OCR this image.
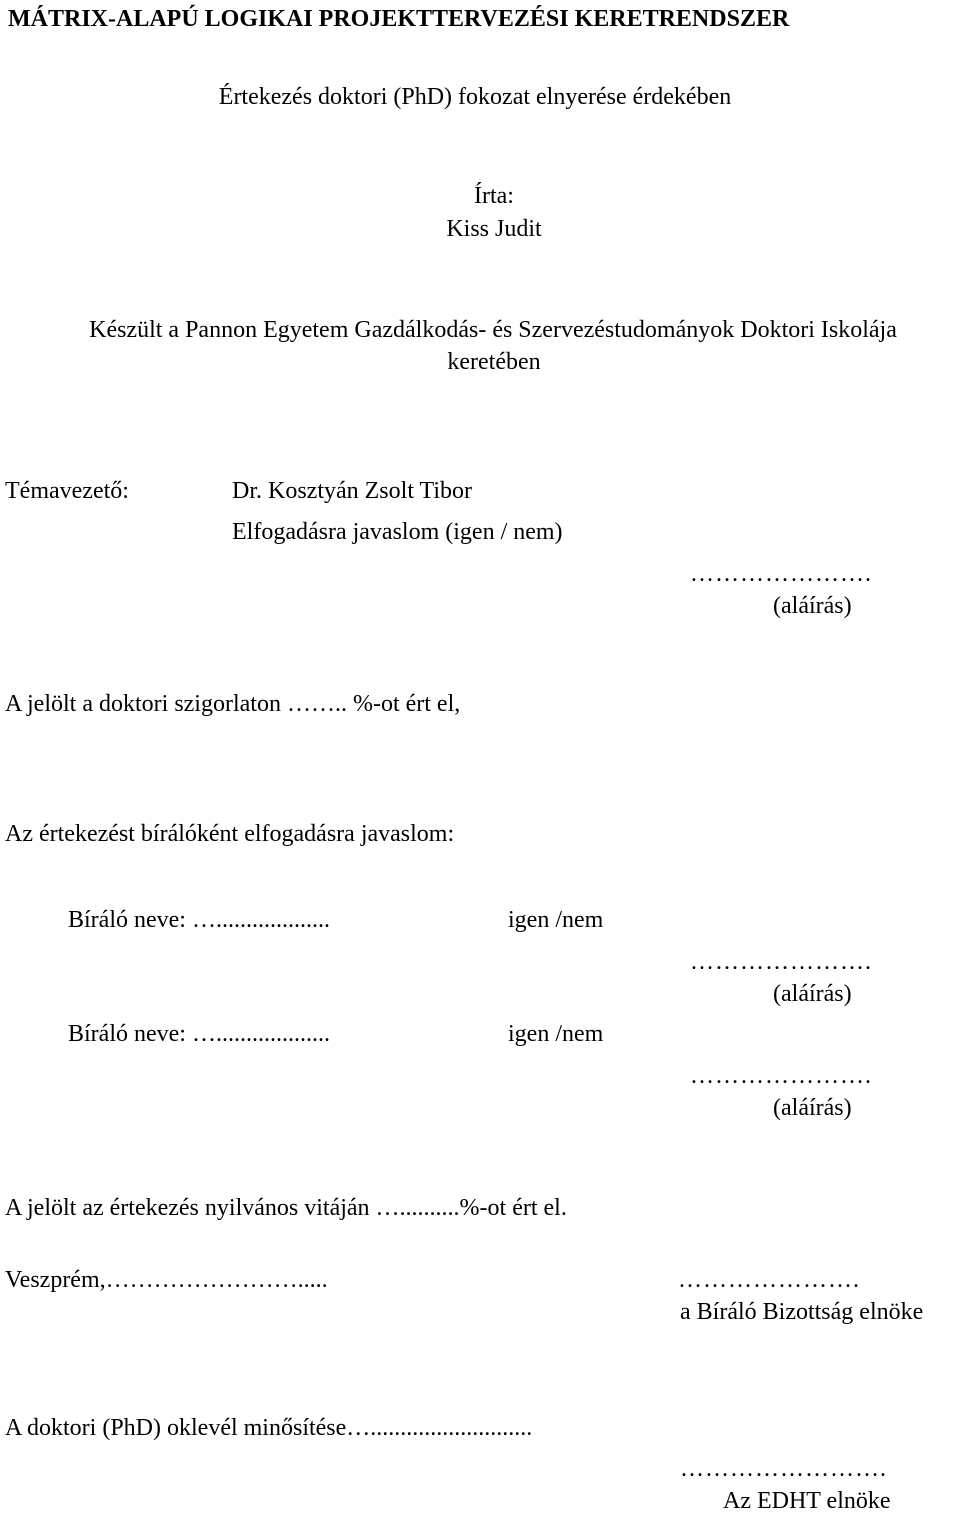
MÁTRIX-ALAPÚ LOGIKAI PROJEKTTERVEZÉSI KERETRENDSZER
Értekezés doktori (PhD) fokozat elnyerése érdekében
Írta:
Kiss Judit
Készült a Pannon Egyetem Gazdálkodás- és Szervezéstudományok Doktori Iskolája
keretében
Témavezető:	Dr. Kosztyán Zsolt Tibor
Elfogadásra javaslom (igen / nem)
………………….
(aláírás)
A jelölt a doktori szigorlaton …….. %-ot ért el,
Az értekezést bírálóként elfogadásra javaslom:
Bíráló neve: …...................	igen /nem
………………….
(aláírás)
Bíráló neve: …...................	igen /nem
………………….
(aláírás)
A jelölt az értekezés nyilvános vitáján …..........%-ot ért el.
Veszprém,…………………….....	………………….
a Bíráló Bizottság elnöke
A doktori (PhD) oklevél minősítése…...........................
…………………….
Az EDHT elnöke
